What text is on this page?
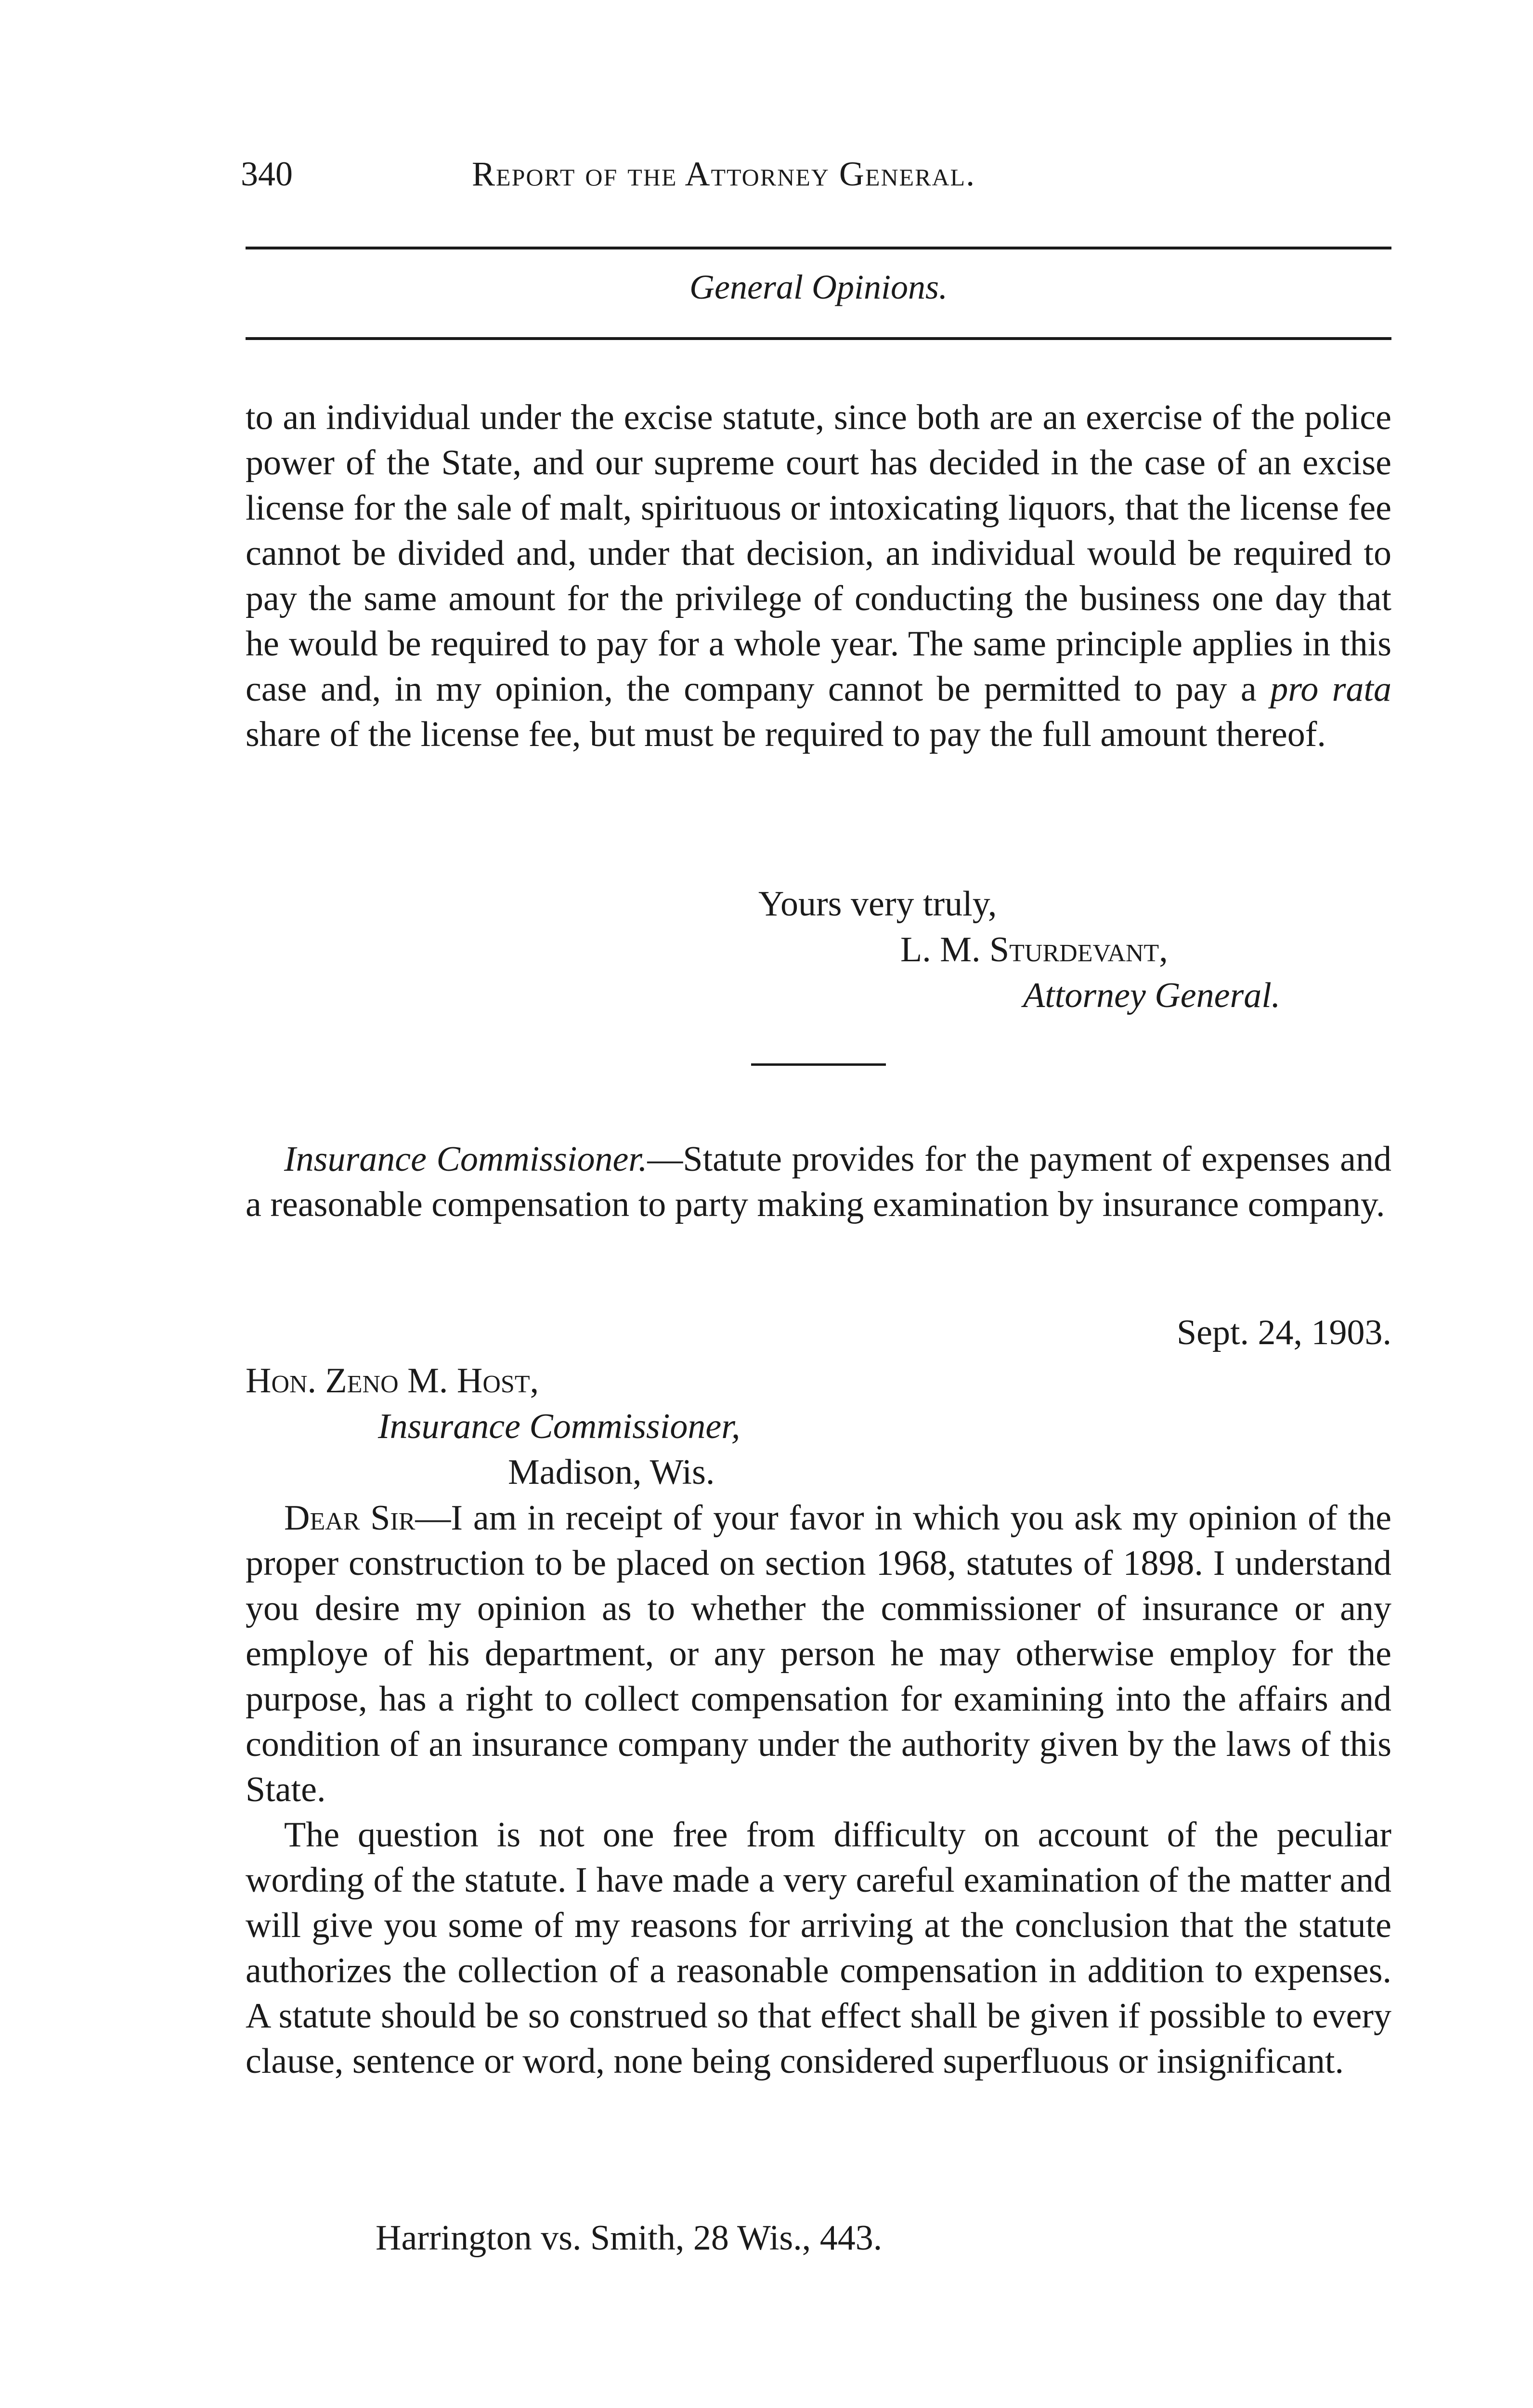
340	Report of the Attorney General.
General Opinions.
to an individual under the excise statute, since both are an exercise of the police power of the State, and our supreme court has decided in the case of an excise license for the sale of malt, spirituous or intoxicating liquors, that the license fee cannot be divided and, under that decision, an individual would be required to pay the same amount for the privilege of conducting the business one day that he would be required to pay for a whole year. The same principle applies in this case and, in my opinion, the company cannot be permitted to pay a pro rata share of the license fee, but must be required to pay the full amount thereof.
Yours very truly,
L. M. Sturdevant,
Attorney General.
Insurance Commissioner.—Statute provides for the payment of expenses and a reasonable compensation to party making examination by insurance company.
Sept. 24, 1903.
Hon. Zeno M. Host,
Insurance Commissioner,
Madison, Wis.

Dear Sir—I am in receipt of your favor in which you ask my opinion of the proper construction to be placed on section 1968, statutes of 1898. I understand you desire my opinion as to whether the commissioner of insurance or any employe of his department, or any person he may otherwise employ for the purpose, has a right to collect compensation for examining into the affairs and condition of an insurance company under the authority given by the laws of this State.

The question is not one free from difficulty on account of the peculiar wording of the statute. I have made a very careful examination of the matter and will give you some of my reasons for arriving at the conclusion that the statute authorizes the collection of a reasonable compensation in addition to expenses. A statute should be so construed so that effect shall be given if possible to every clause, sentence or word, none being considered superfluous or insignificant.

Harrington vs. Smith, 28 Wis., 443.
